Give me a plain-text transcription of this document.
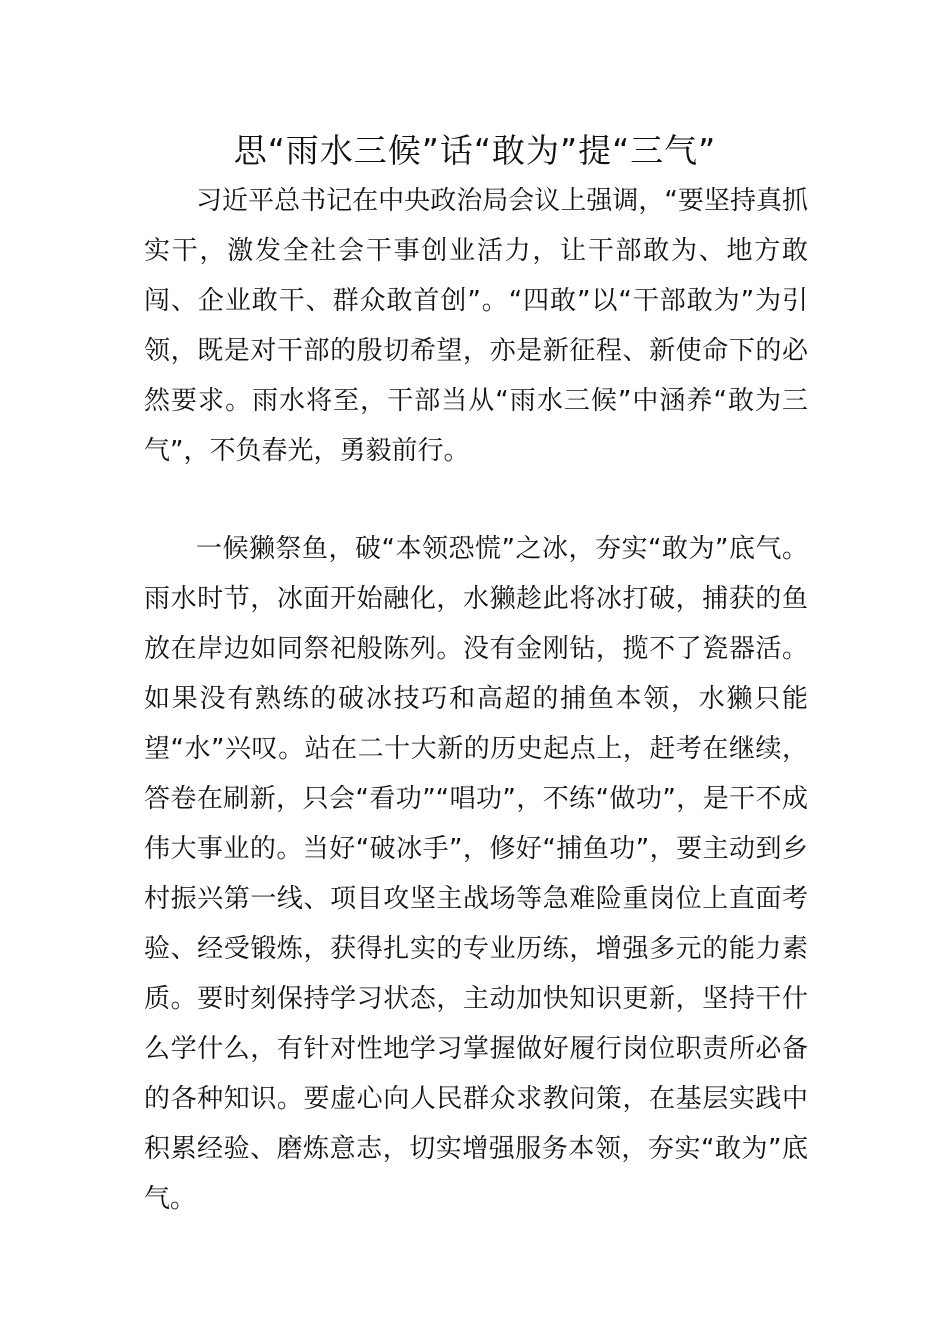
思“雨水三候”话“敢为”提“三气”

习近平总书记在中央政治局会议上强调，“要坚持真抓实干，激发全社会干事创业活力，让干部敢为、地方敢闯、企业敢干、群众敢首创”。“四敢”以“干部敢为”为引领，既是对干部的殷切希望，亦是新征程、新使命下的必然要求。雨水将至，干部当从“雨水三候”中涵养“敢为三气”，不负春光，勇毅前行。

一候獭祭鱼，破“本领恐慌”之冰，夯实“敢为”底气。雨水时节，冰面开始融化，水獭趁此将冰打破，捕获的鱼放在岸边如同祭祀般陈列。没有金刚钻，揽不了瓷器活。如果没有熟练的破冰技巧和高超的捕鱼本领，水獭只能望“水”兴叹。站在二十大新的历史起点上，赶考在继续，答卷在刷新，只会“看功”“唱功”，不练“做功”，是干不成伟大事业的。当好“破冰手”，修好“捕鱼功”，要主动到乡村振兴第一线、项目攻坚主战场等急难险重岗位上直面考验、经受锻炼，获得扎实的专业历练，增强多元的能力素质。要时刻保持学习状态，主动加快知识更新，坚持干什么学什么，有针对性地学习掌握做好履行岗位职责所必备的各种知识。要虚心向人民群众求教问策，在基层实践中积累经验、磨炼意志，切实增强服务本领，夯实“敢为”底气。
